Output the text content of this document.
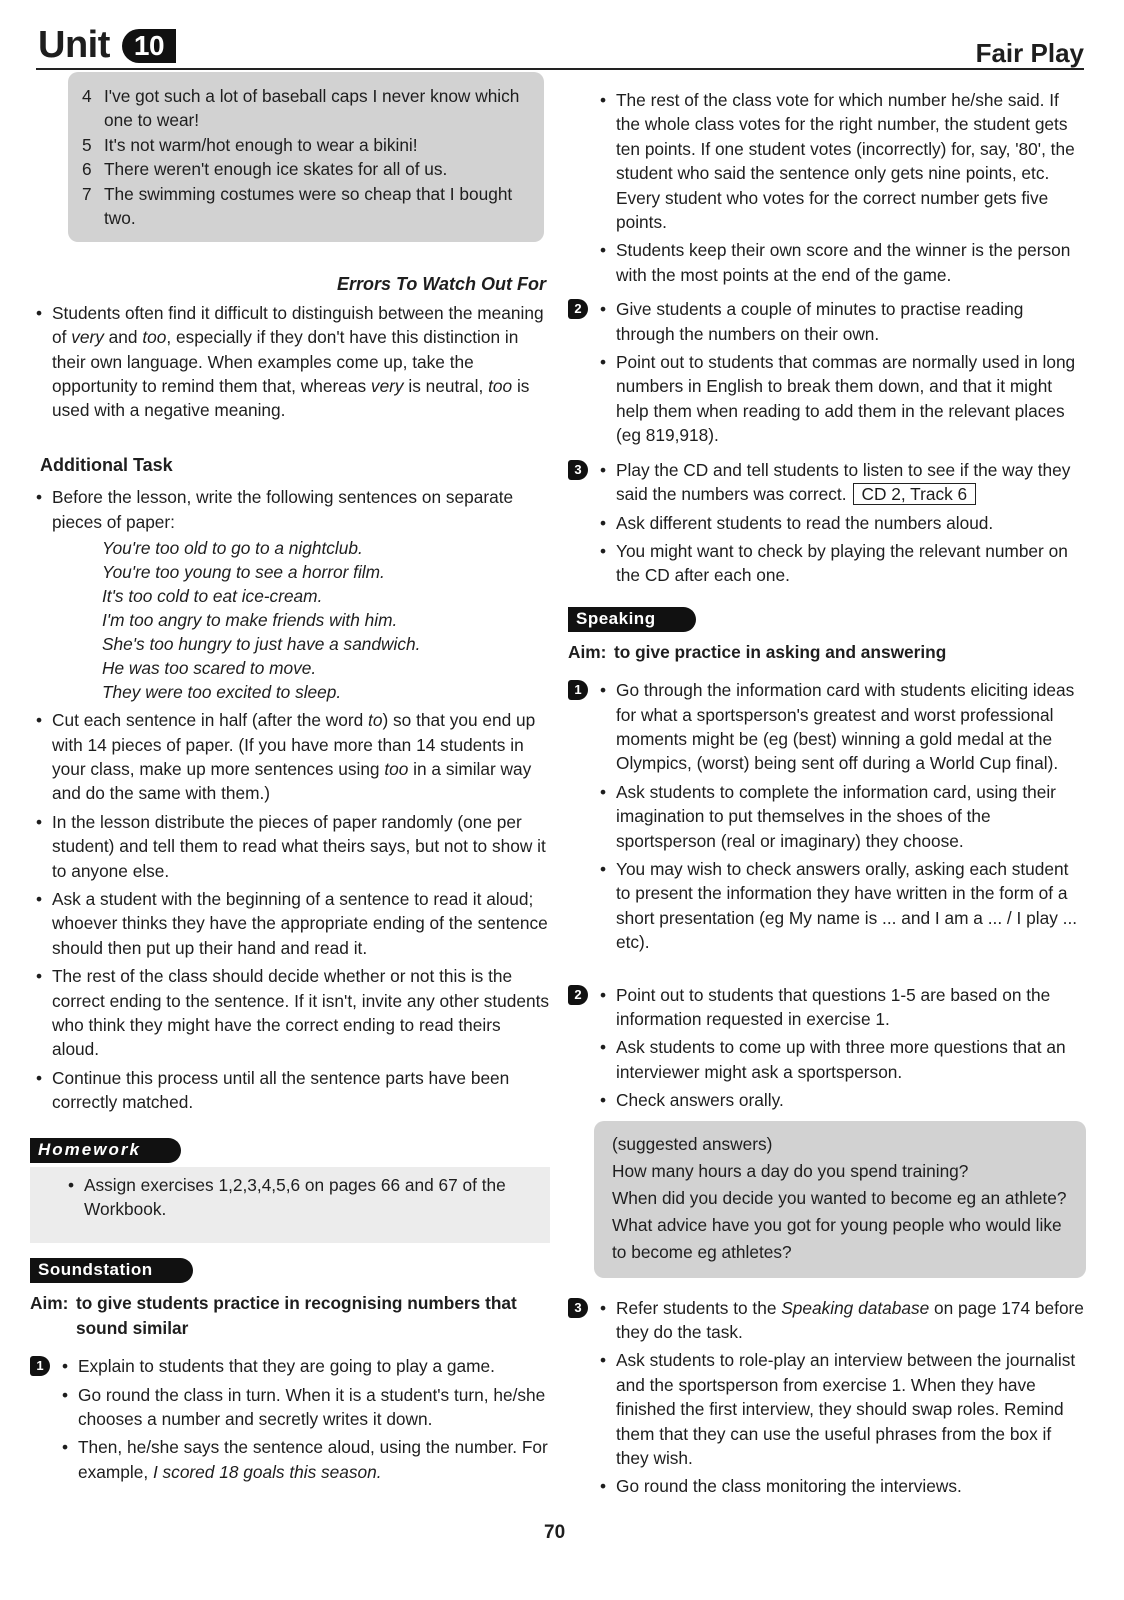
Unit 10	Fair Play
4 I've got such a lot of baseball caps I never know which one to wear!
5 It's not warm/hot enough to wear a bikini!
6 There weren't enough ice skates for all of us.
7 The swimming costumes were so cheap that I bought two.
Errors To Watch Out For
• Students often find it difficult to distinguish between the meaning of very and too, especially if they don't have this distinction in their own language. When examples come up, take the opportunity to remind them that, whereas very is neutral, too is used with a negative meaning.
Additional Task
• Before the lesson, write the following sentences on separate pieces of paper:
You're too old to go to a nightclub.
You're too young to see a horror film.
It's too cold to eat ice-cream.
I'm too angry to make friends with him.
She's too hungry to just have a sandwich.
He was too scared to move.
They were too excited to sleep.
• Cut each sentence in half (after the word to) so that you end up with 14 pieces of paper. (If you have more than 14 students in your class, make up more sentences using too in a similar way and do the same with them.)
• In the lesson distribute the pieces of paper randomly (one per student) and tell them to read what theirs says, but not to show it to anyone else.
• Ask a student with the beginning of a sentence to read it aloud; whoever thinks they have the appropriate ending of the sentence should then put up their hand and read it.
• The rest of the class should decide whether or not this is the correct ending to the sentence. If it isn't, invite any other students who think they might have the correct ending to read theirs aloud.
• Continue this process until all the sentence parts have been correctly matched.
Homework
• Assign exercises 1,2,3,4,5,6 on pages 66 and 67 of the Workbook.
Soundstation
Aim: to give students practice in recognising numbers that sound similar
1	• Explain to students that they are going to play a game.
• Go round the class in turn. When it is a student's turn, he/she chooses a number and secretly writes it down.
• Then, he/she says the sentence aloud, using the number. For example, I scored 18 goals this season.
• The rest of the class vote for which number he/she said. If the whole class votes for the right number, the student gets ten points. If one student votes (incorrectly) for, say, '80', the student who said the sentence only gets nine points, etc. Every student who votes for the correct number gets five points.
• Students keep their own score and the winner is the person with the most points at the end of the game.
2	• Give students a couple of minutes to practise reading through the numbers on their own.
• Point out to students that commas are normally used in long numbers in English to break them down, and that it might help them when reading to add them in the relevant places (eg 819,918).
3	• Play the CD and tell students to listen to see if the way they said the numbers was correct. CD 2, Track 6
• Ask different students to read the numbers aloud.
• You might want to check by playing the relevant number on the CD after each one.
Speaking
Aim: to give practice in asking and answering
1	• Go through the information card with students eliciting ideas for what a sportsperson's greatest and worst professional moments might be (eg (best) winning a gold medal at the Olympics, (worst) being sent off during a World Cup final).
• Ask students to complete the information card, using their imagination to put themselves in the shoes of the sportsperson (real or imaginary) they choose.
• You may wish to check answers orally, asking each student to present the information they have written in the form of a short presentation (eg My name is ... and I am a ... / I play ... etc).
2	• Point out to students that questions 1-5 are based on the information requested in exercise 1.
• Ask students to come up with three more questions that an interviewer might ask a sportsperson.
• Check answers orally.
(suggested answers)
How many hours a day do you spend training?
When did you decide you wanted to become eg an athlete?
What advice have you got for young people who would like to become eg athletes?
3	• Refer students to the Speaking database on page 174 before they do the task.
• Ask students to role-play an interview between the journalist and the sportsperson from exercise 1. When they have finished the first interview, they should swap roles. Remind them that they can use the useful phrases from the box if they wish.
• Go round the class monitoring the interviews.
70
